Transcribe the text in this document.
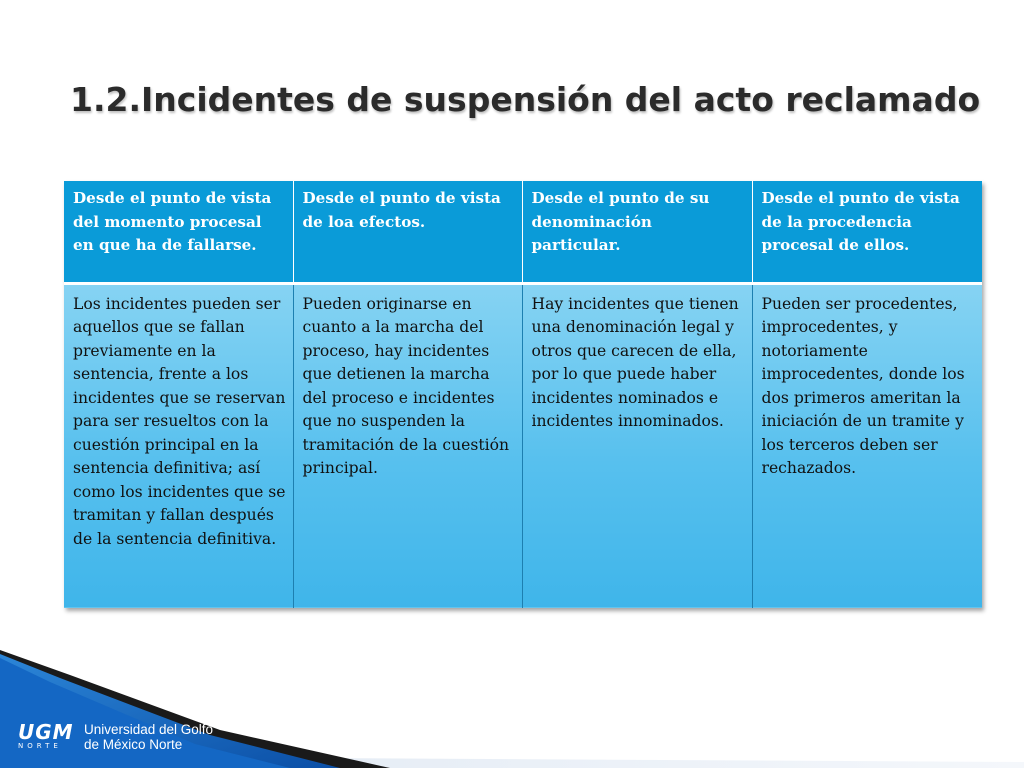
1.2.Incidentes de suspensión del acto reclamado
Desde el punto de vista del momento procesal en que ha de fallarse.	Desde el punto de vista de loa efectos.	Desde el punto de su denominación particular.	Desde el punto de vista de la procedencia procesal de ellos.
Los incidentes pueden ser aquellos que se fallan previamente en la sentencia, frente a los incidentes que se reservan para ser resueltos con la cuestión principal en la sentencia definitiva; así como los incidentes que se tramitan y fallan después de la sentencia definitiva.	Pueden originarse en cuanto a la marcha del proceso, hay incidentes que detienen la marcha del proceso e incidentes que no suspenden la tramitación de la cuestión principal.	Hay incidentes que tienen una denominación legal y otros que carecen de ella, por lo que puede haber incidentes nominados e incidentes innominados.	Pueden ser procedentes, improcedentes, y notoriamente improcedentes, donde los dos primeros ameritan la iniciación de un tramite y los terceros deben ser rechazados.
UGM
NORTE
Universidad del Golfo
de México Norte
